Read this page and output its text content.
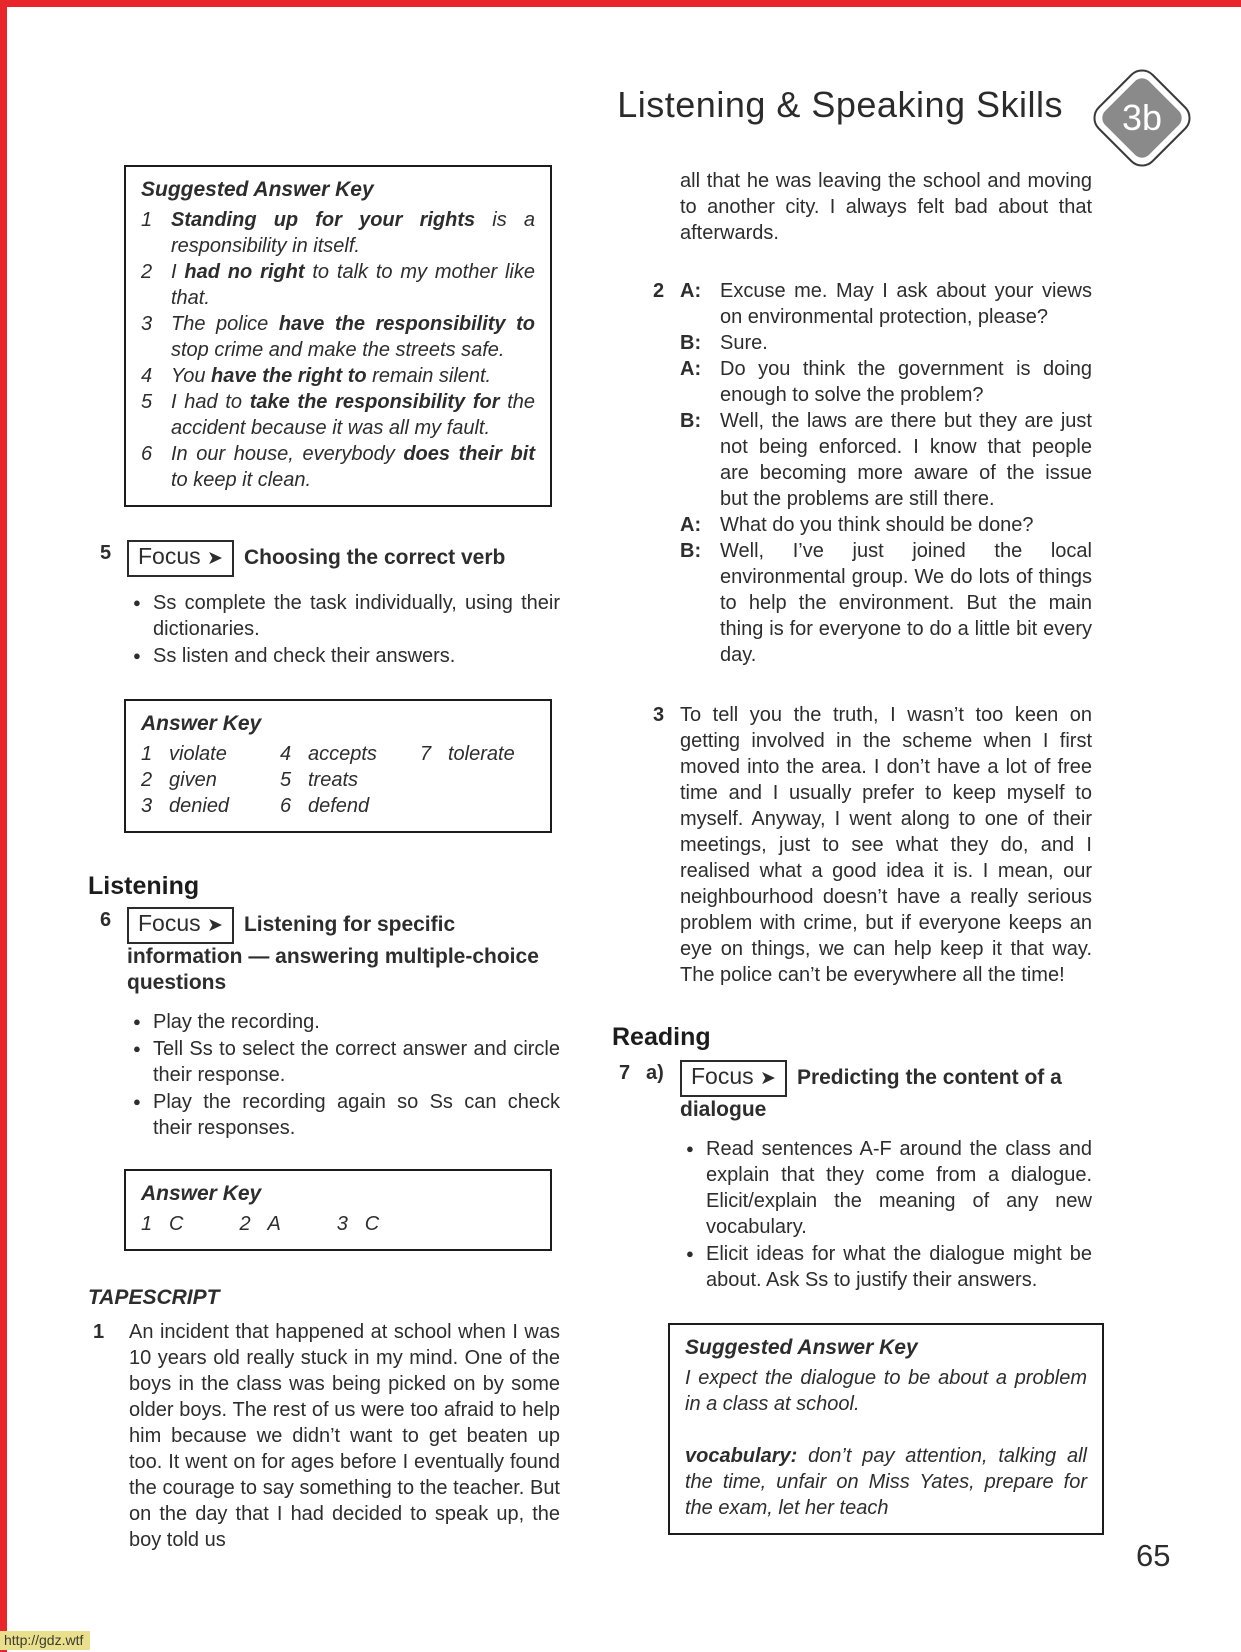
Listening & Speaking Skills 3b
Suggested Answer Key
1 Standing up for your rights is a responsibility in itself.
2 I had no right to talk to my mother like that.
3 The police have the responsibility to stop crime and make the streets safe.
4 You have the right to remain silent.
5 I had to take the responsibility for the accident because it was all my fault.
6 In our house, everybody does their bit to keep it clean.
5	Focus ➤ Choosing the correct verb

● Ss complete the task individually, using their dictionaries.
● Ss listen and check their answers.
Answer Key
1 violate
2 given
3 denied
4 accepts
5 treats
6 defend
7 tolerate
Listening
6	Focus ➤ Listening for specific information — answering multiple-choice questions

● Play the recording.
● Tell Ss to select the correct answer and circle their response.
● Play the recording again so Ss can check their responses.
Answer Key
1 C	2 A	3 C
TAPESCRIPT
1	An incident that happened at school when I was 10 years old really stuck in my mind. One of the boys in the class was being picked on by some older boys. The rest of us were too afraid to help him because we didn’t want to get beaten up too. It went on for ages before I eventually found the courage to say something to the teacher. But on the day that I had decided to speak up, the boy told us

all that he was leaving the school and moving to another city. I always felt bad about that afterwards.

2 A: Excuse me. May I ask about your views on environmental protection, please?
B: Sure.
A: Do you think the government is doing enough to solve the problem?
B: Well, the laws are there but they are just not being enforced. I know that people are becoming more aware of the issue but the problems are still there.
A: What do you think should be done?
B: Well, I’ve just joined the local environmental group. We do lots of things to help the environment. But the main thing is for everyone to do a little bit every day.
3 To tell you the truth, I wasn’t too keen on getting involved in the scheme when I first moved into the area. I don’t have a lot of free time and I usually prefer to keep myself to myself. Anyway, I went along to one of their meetings, just to see what they do, and I realised what a good idea it is. I mean, our neighbourhood doesn’t have a really serious problem with crime, but if everyone keeps an eye on things, we can help keep it that way. The police can’t be everywhere all the time!
Reading
7 a)	Focus ➤ Predicting the content of a dialogue

● Read sentences A-F around the class and explain that they come from a dialogue. Elicit/explain the meaning of any new vocabulary.
● Elicit ideas for what the dialogue might be about. Ask Ss to justify their answers.
Suggested Answer Key

I expect the dialogue to be about a problem in a class at school.

vocabulary: don’t pay attention, talking all the time, unfair on Miss Yates, prepare for the exam, let her teach

65
http://gdz.wtf
